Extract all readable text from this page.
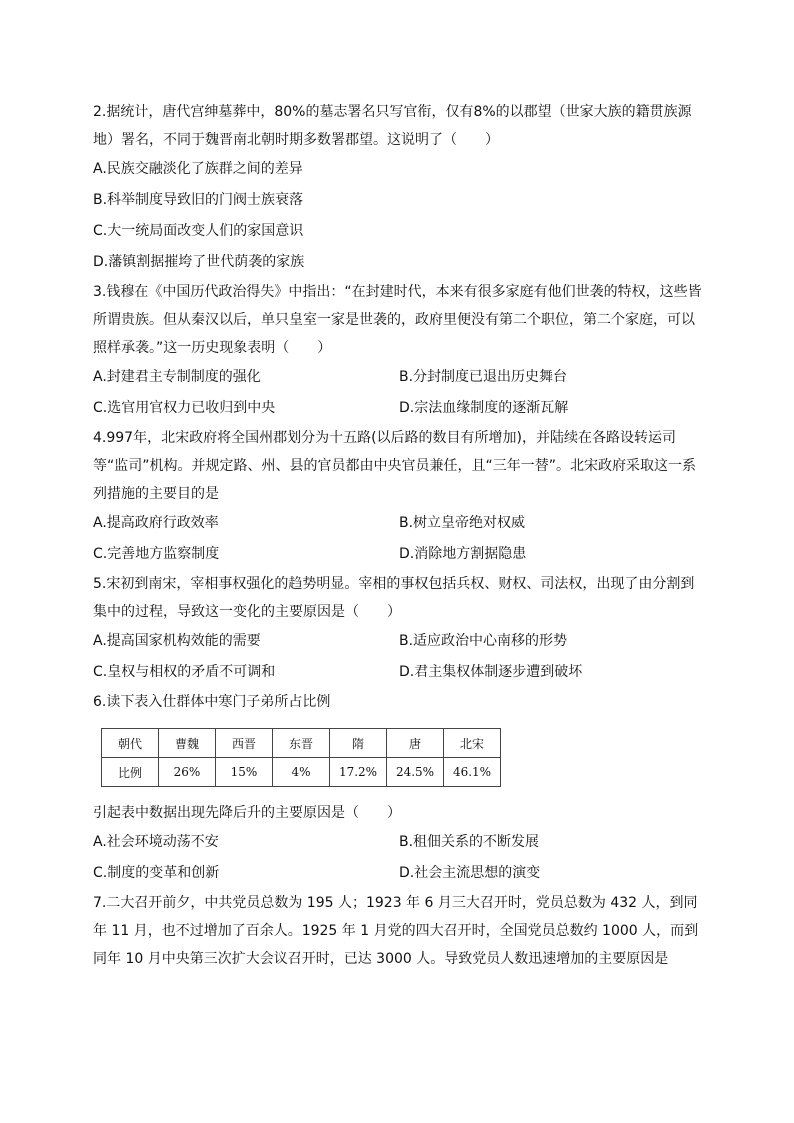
2.据统计，唐代宫绅墓葬中，80%的墓志署名只写官衔，仅有8%的以郡望（世家大族的籍贯族源地）署名，不同于魏晋南北朝时期多数署郡望。这说明了（　　）

A.民族交融淡化了族群之间的差异
B.科举制度导致旧的门阀士族衰落
C.大一统局面改变人们的家国意识
D.藩镇割据摧垮了世代荫袭的家族

3.钱穆在《中国历代政治得失》中指出：“在封建时代，本来有很多家庭有他们世袭的特权，这些皆所谓贵族。但从秦汉以后，单只皇室一家是世袭的，政府里便没有第二个职位，第二个家庭，可以照样承袭。”这一历史现象表明（　　）

A.封建君主专制制度的强化	B.分封制度已退出历史舞台
C.选官用官权力已收归到中央	D.宗法血缘制度的逐渐瓦解

4.997年，北宋政府将全国州郡划分为十五路(以后路的数目有所增加)，并陆续在各路设转运司等“监司”机构。并规定路、州、县的官员都由中央官员兼任，且“三年一替”。北宋政府采取这一系列措施的主要目的是

A.提高政府行政效率	B.树立皇帝绝对权威
C.完善地方监察制度	D.消除地方割据隐患

5.宋初到南宋，宰相事权强化的趋势明显。宰相的事权包括兵权、财权、司法权，出现了由分割到集中的过程，导致这一变化的主要原因是（　　）

A.提高国家机构效能的需要	B.适应政治中心南移的形势
C.皇权与相权的矛盾不可调和	D.君主集权体制逐步遭到破坏

6.读下表入仕群体中寒门子弟所占比例

朝代	曹魏	西晋	东晋	隋	唐	北宋
比例	26%	15%	4%	17.2%	24.5%	46.1%

引起表中数据出现先降后升的主要原因是（　　）

A.社会环境动荡不安	B.租佃关系的不断发展
C.制度的变革和创新	D.社会主流思想的演变

7.二大召开前夕，中共党员总数为 195 人；1923 年 6 月三大召开时，党员总数为 432 人，到同年 11 月，也不过增加了百余人。1925 年 1 月党的四大召开时，全国党员总数约 1000 人，而到同年 10 月中央第三次扩大会议召开时，已达 3000 人。导致党员人数迅速增加的主要原因是
